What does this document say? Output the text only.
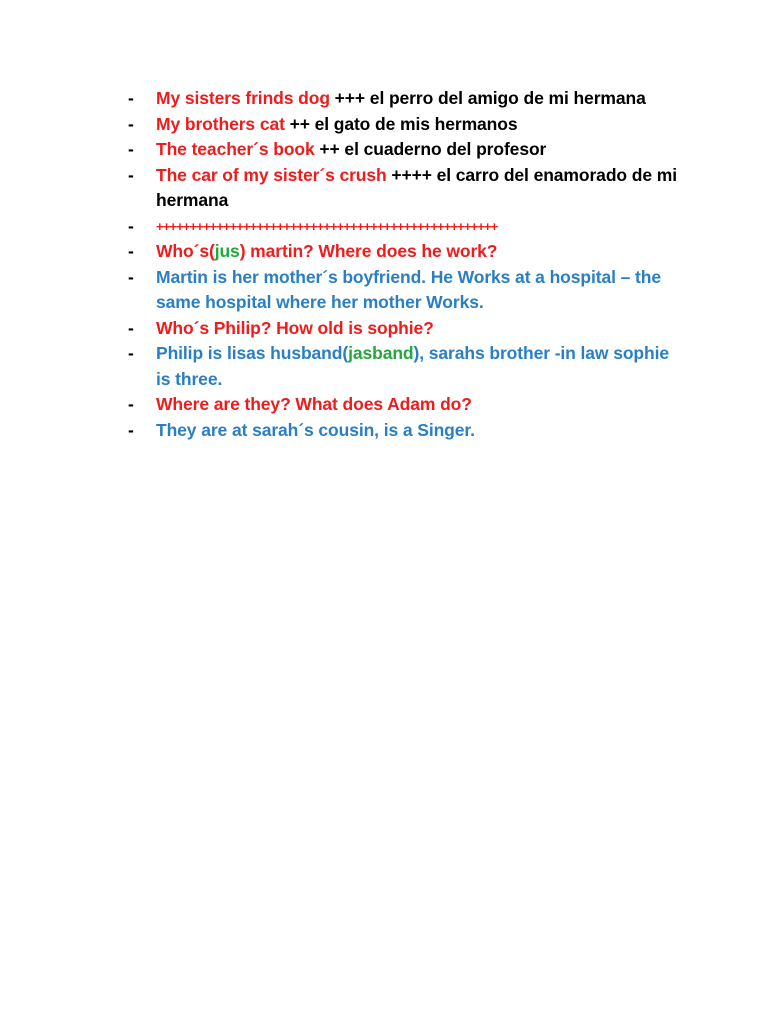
-	My sisters frinds dog +++ el perro del amigo de mi hermana
-	My brothers cat ++ el gato de mis hermanos
-	The teacher´s book ++ el cuaderno del profesor
-	The car of my sister´s crush ++++ el carro del enamorado de mi hermana
-	+++++++++++++++++++++++++++++++++++++++++++++++++++
-	Who´s(jus) martin? Where does he work?
-	Martin is her mother´s boyfriend. He Works at a hospital – the same hospital where her mother Works.
-	Who´s Philip? How old is sophie?
-	Philip is lisas husband(jasband), sarahs brother -in law sophie is three.
-	Where are they? What does Adam do?
-	They are at sarah´s cousin, is a Singer.
